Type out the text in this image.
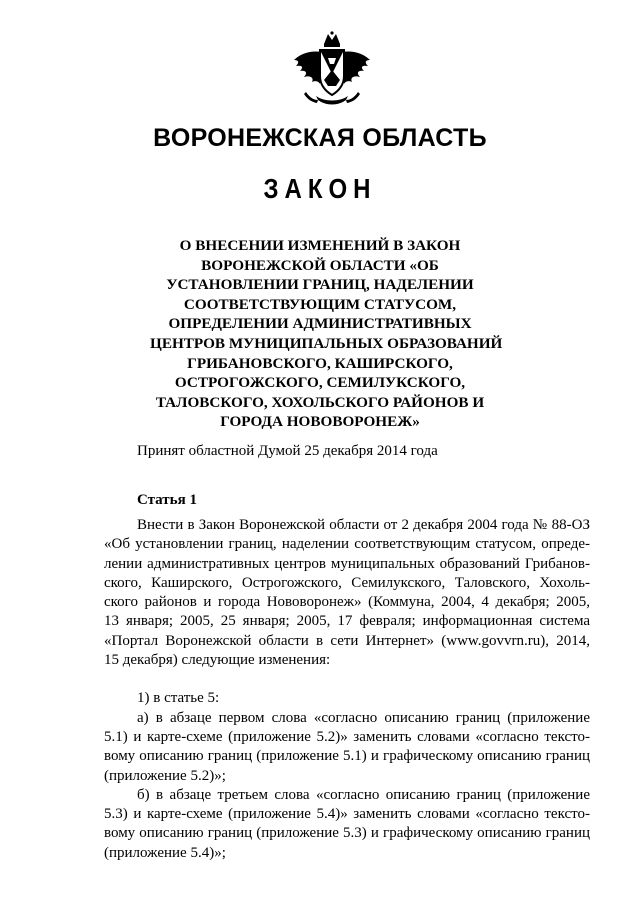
ВОРОНЕЖСКАЯ ОБЛАСТЬ
ЗАКОН
О ВНЕСЕНИИ ИЗМЕНЕНИЙ В ЗАКОН
ВОРОНЕЖСКОЙ ОБЛАСТИ «ОБ
УСТАНОВЛЕНИИ ГРАНИЦ, НАДЕЛЕНИИ
СООТВЕТСТВУЮЩИМ СТАТУСОМ,
ОПРЕДЕЛЕНИИ АДМИНИСТРАТИВНЫХ
ЦЕНТРОВ МУНИЦИПАЛЬНЫХ ОБРАЗОВАНИЙ
ГРИБАНОВСКОГО, КАШИРСКОГО,
ОСТРОГОЖСКОГО, СЕМИЛУКСКОГО,
ТАЛОВСКОГО, ХОХОЛЬСКОГО РАЙОНОВ И
ГОРОДА НОВОВОРОНЕЖ»
Принят областной Думой 25 декабря 2014 года
Статья 1
Внести в Закон Воронежской области от 2 декабря 2004 года № 88-ОЗ
«Об установлении границ, наделении соответствующим статусом, опреде-
лении административных центров муниципальных образований Грибанов-
ского, Каширского, Острогожского, Семилукского, Таловского, Хохоль-
ского районов и города Нововоронеж» (Коммуна, 2004, 4 декабря; 2005,
13 января; 2005, 25 января; 2005, 17 февраля; информационная система
«Портал Воронежской области в сети Интернет» (www.govvrn.ru), 2014,
15 декабря) следующие изменения:
1) в статье 5:
а) в абзаце первом слова «согласно описанию границ (приложение
5.1) и карте-схеме (приложение 5.2)» заменить словами «согласно тексто-
вому описанию границ (приложение 5.1) и графическому описанию границ
(приложение 5.2)»;
б) в абзаце третьем слова «согласно описанию границ (приложение
5.3) и карте-схеме (приложение 5.4)» заменить словами «согласно тексто-
вому описанию границ (приложение 5.3) и графическому описанию границ
(приложение 5.4)»;
